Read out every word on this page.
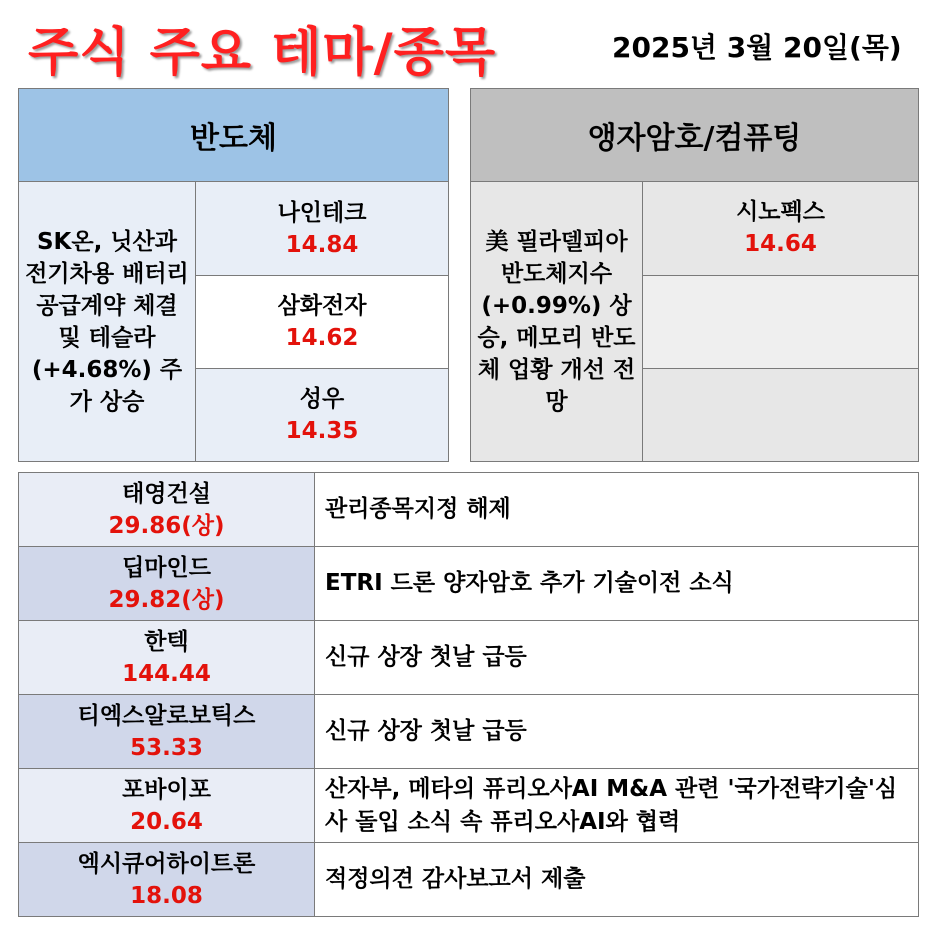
주식 주요 테마/종목	2025년 3월 20일(목)
반도체
SK온, 닛산과 전기차용 배터리 공급계약 체결 및 테슬라(+4.68%) 주가 상승
나인테크
14.84
삼화전자
14.62
성우
14.35
앵자암호/컴퓨팅
美 필라델피아 반도체지수 (+0.99%) 상승, 메모리 반도체 업황 개선 전망
시노펙스
14.64
태영건설
29.86(상)
관리종목지정 해제
딥마인드
29.82(상)
ETRI 드론 양자암호 추가 기술이전 소식
한텍
144.44
신규 상장 첫날 급등
티엑스알로보틱스
53.33
신규 상장 첫날 급등
포바이포
20.64
산자부, 메타의 퓨리오사AI M&A 관련 '국가전략기술'심사 돌입 소식 속 퓨리오사AI와 협력
엑시큐어하이트론
18.08
적정의견 감사보고서 제출
